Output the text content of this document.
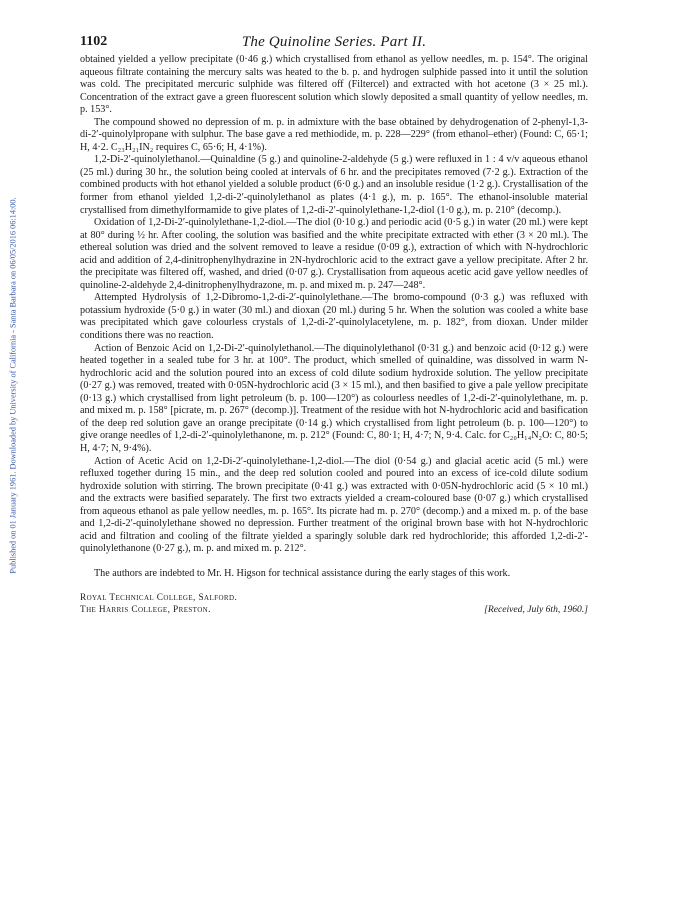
Published on 01 January 1961. Downloaded by University of California - Santa Barbara on 06/05/2016 06:14:00.
1102	The Quinoline Series. Part II.

obtained yielded a yellow precipitate (0·46 g.) which crystallised from ethanol as yellow needles, m. p. 154°. The original aqueous filtrate containing the mercury salts was heated to the b. p. and hydrogen sulphide passed into it until the solution was cold. The precipitated mercuric sulphide was filtered off (Filtercel) and extracted with hot acetone (3 × 25 ml.). Concentration of the extract gave a green fluorescent solution which slowly deposited a small quantity of yellow needles, m. p. 153°.

The compound showed no depression of m. p. in admixture with the base obtained by dehydrogenation of 2-phenyl-1,3-di-2′-quinolylpropane with sulphur. The base gave a red methiodide, m. p. 228—229° (from ethanol–ether) (Found: C, 65·1; H, 4·2. C₂₃H₂₁IN₂ requires C, 65·6; H, 4·1%).

1,2-Di-2′-quinolylethanol.—Quinaldine (5 g.) and quinoline-2-aldehyde (5 g.) were refluxed in 1 : 4 v/v aqueous ethanol (25 ml.) during 30 hr., the solution being cooled at intervals of 6 hr. and the precipitates removed (7·2 g.). Extraction of the combined products with hot ethanol yielded a soluble product (6·0 g.) and an insoluble residue (1·2 g.). Crystallisation of the former from ethanol yielded 1,2-di-2′-quinolylethanol as plates (4·1 g.), m. p. 165°. The ethanol-insoluble material crystallised from dimethylformamide to give plates of 1,2-di-2′-quinolylethane-1,2-diol (1·0 g.), m. p. 210° (decomp.).

Oxidation of 1,2-Di-2′-quinolylethane-1,2-diol.—The diol (0·10 g.) and periodic acid (0·5 g.) in water (20 ml.) were kept at 80° during ½ hr. After cooling, the solution was basified and the white precipitate extracted with ether (3 × 20 ml.). The ethereal solution was dried and the solvent removed to leave a residue (0·09 g.), extraction of which with N-hydrochloric acid and addition of 2,4-dinitrophenylhydrazine in 2N-hydrochloric acid to the extract gave a yellow precipitate. After 2 hr. the precipitate was filtered off, washed, and dried (0·07 g.). Crystallisation from aqueous acetic acid gave yellow needles of quinoline-2-aldehyde 2,4-dinitrophenylhydrazone, m. p. and mixed m. p. 247—248°.

Attempted Hydrolysis of 1,2-Dibromo-1,2-di-2′-quinolylethane.—The bromo-compound (0·3 g.) was refluxed with potassium hydroxide (5·0 g.) in water (30 ml.) and dioxan (20 ml.) during 5 hr. When the solution was cooled a white base was precipitated which gave colourless crystals of 1,2-di-2′-quinolylacetylene, m. p. 182°, from dioxan. Under milder conditions there was no reaction.

Action of Benzoic Acid on 1,2-Di-2′-quinolylethanol.—The diquinolylethanol (0·31 g.) and benzoic acid (0·12 g.) were heated together in a sealed tube for 3 hr. at 100°. The product, which smelled of quinaldine, was dissolved in warm N-hydrochloric acid and the solution poured into an excess of cold dilute sodium hydroxide solution. The yellow precipitate (0·27 g.) was removed, treated with 0·05N-hydrochloric acid (3 × 15 ml.), and then basified to give a pale yellow precipitate (0·13 g.) which crystallised from light petroleum (b. p. 100—120°) as colourless needles of 1,2-di-2′-quinolylethane, m. p. and mixed m. p. 158° [picrate, m. p. 267° (decomp.)]. Treatment of the residue with hot N-hydrochloric acid and basification of the deep red solution gave an orange precipitate (0·14 g.) which crystallised from light petroleum (b. p. 100—120°) to give orange needles of 1,2-di-2′-quinolylethanone, m. p. 212° (Found: C, 80·1; H, 4·7; N, 9·4. Calc. for C₂₀H₁₄N₂O: C, 80·5; H, 4·7; N, 9·4%).

Action of Acetic Acid on 1,2-Di-2′-quinolylethane-1,2-diol.—The diol (0·54 g.) and glacial acetic acid (5 ml.) were refluxed together during 15 min., and the deep red solution cooled and poured into an excess of ice-cold dilute sodium hydroxide solution with stirring. The brown precipitate (0·41 g.) was extracted with 0·05N-hydrochloric acid (5 × 10 ml.) and the extracts were basified separately. The first two extracts yielded a cream-coloured base (0·07 g.) which crystallised from aqueous ethanol as pale yellow needles, m. p. 165°. Its picrate had m. p. 270° (decomp.) and a mixed m. p. of the base and 1,2-di-2′-quinolylethane showed no depression. Further treatment of the original brown base with hot N-hydrochloric acid and filtration and cooling of the filtrate yielded a sparingly soluble dark red hydrochloride; this afforded 1,2-di-2′-quinolylethanone (0·27 g.), m. p. and mixed m. p. 212°.

The authors are indebted to Mr. H. Higson for technical assistance during the early stages of this work.

Royal Technical College, Salford.
The Harris College, Preston.	[Received, July 6th, 1960.]
